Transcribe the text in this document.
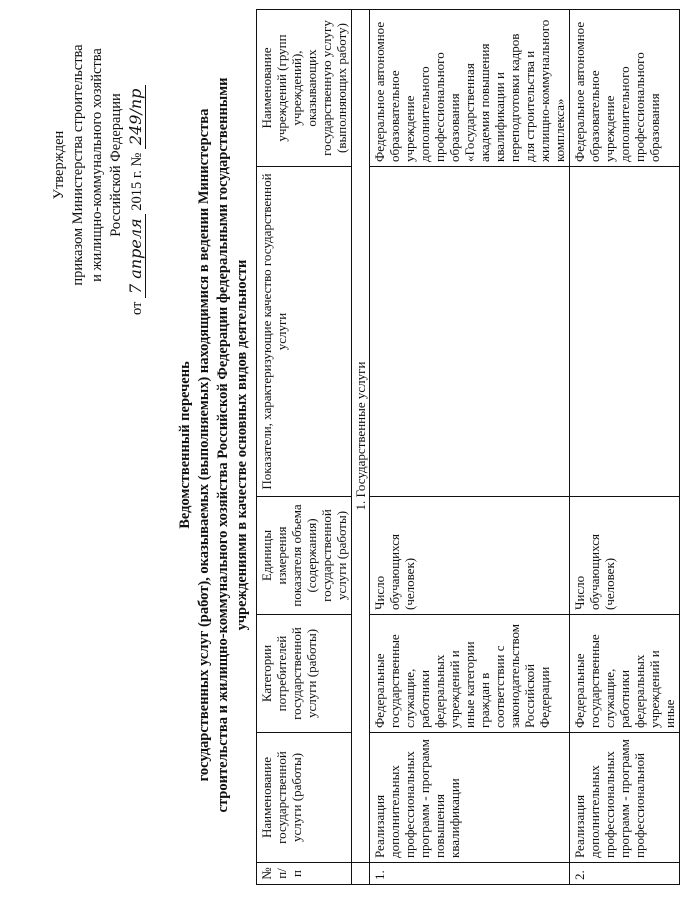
Утвержден приказом Министерства строительства и жилищно-коммунального хозяйства Российской Федерации
от 7 апреля 2015 г. № 249/пр
Ведомственный перечень государственных услуг (работ), оказываемых (выполняемых) находящимися в ведении Министерства строительства и жилищно-коммунального хозяйства Российской Федерации федеральными государственными учреждениями в качестве основных видов деятельности
№ п/п	Наименование государственной услуги (работы)	Категории потребителей государственной услуги (работы)	Единицы измерения показателя объема (содержания) государственной услуги (работы)	Показатели, характеризующие качество государственной услуги	Наименование учреждений (групп учреждений), оказывающих государственную услугу (выполняющих работу)
	1. Государственные услуги				
1.	Реализация дополнительных профессиональных программ - программ повышения квалификации	Федеральные государственные служащие, работники федеральных учреждений и иные категории граждан в соответствии с законодательством Российской Федерации	Число обучающихся (человек)		Федеральное автономное образовательное учреждение дополнительного профессионального образования «Государственная академия повышения квалификации и переподготовки кадров для строительства и жилищно-коммунального комплекса»
2.	Реализация дополнительных профессиональных программ - программ профессиональной	Федеральные государственные служащие, работники федеральных учреждений и иные	Число обучающихся (человек)		Федеральное автономное образовательное учреждение дополнительного профессионального образования
